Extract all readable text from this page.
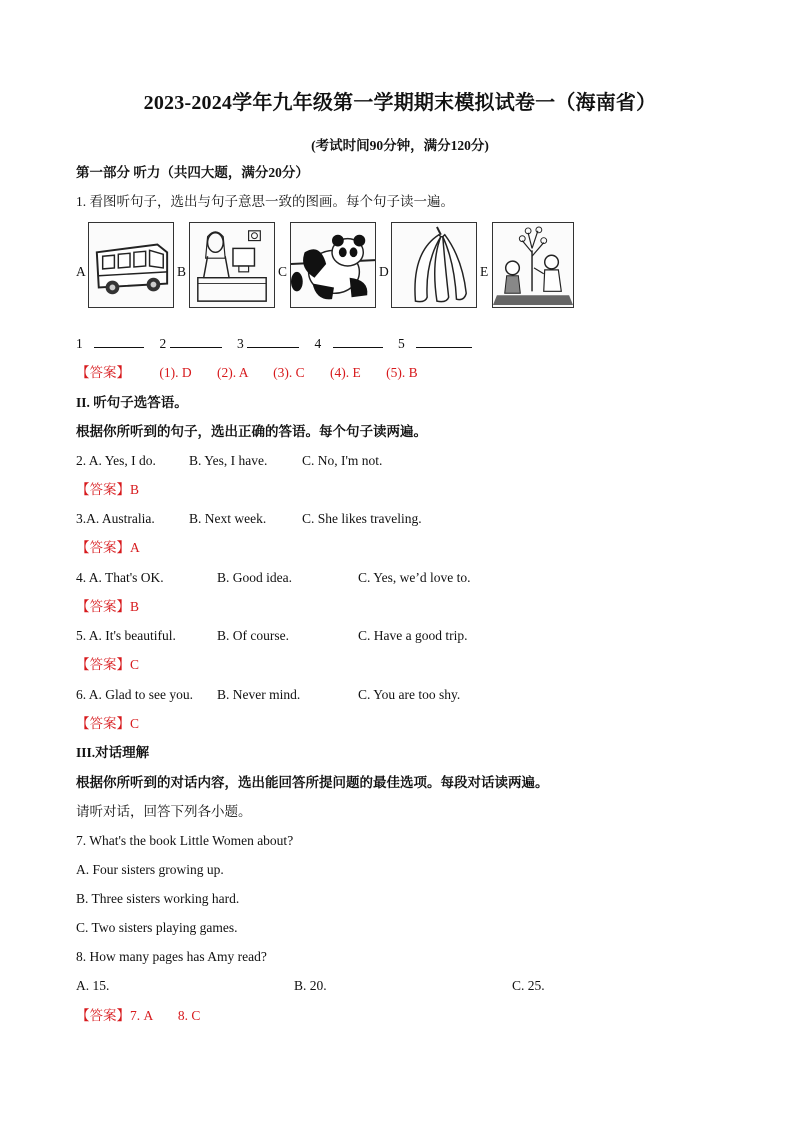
2023-2024学年九年级第一学期期末模拟试卷一（海南省）
(考试时间90分钟，满分120分)
第一部分 听力（共四大题，满分20分）
1. 看图听句子，选出与句子意思一致的图画。每个句子读一遍。
A	B	C	D	E
1	2	3	4	5
【答案】 (1). D (2). A (3). C (4). E (5). B
II. 听句子选答语。
根据你所听到的句子，选出正确的答语。每个句子读两遍。
2. A. Yes, I do. B. Yes, I have.	C. No, I'm not.
【答案】B
3.A. Australia.	B. Next week.	C. She likes traveling.
【答案】A
4. A. That's OK.	B. Good idea.	C. Yes, we’d love to.
【答案】B
5. A. It's beautiful.	B. Of course.	C. Have a good trip.
【答案】C
6. A. Glad to see you. B. Never mind.	C. You are too shy.
【答案】C
III.对话理解
根据你所听到的对话内容，选出能回答所提问题的最佳选项。每段对话读两遍。
请听对话，回答下列各小题。
7. What's the book Little Women about?
A. Four sisters growing up.
B. Three sisters working hard.
C. Two sisters playing games.
8. How many pages has Amy read?
A. 15.	B. 20.	C. 25.
【答案】7. A 8. C
